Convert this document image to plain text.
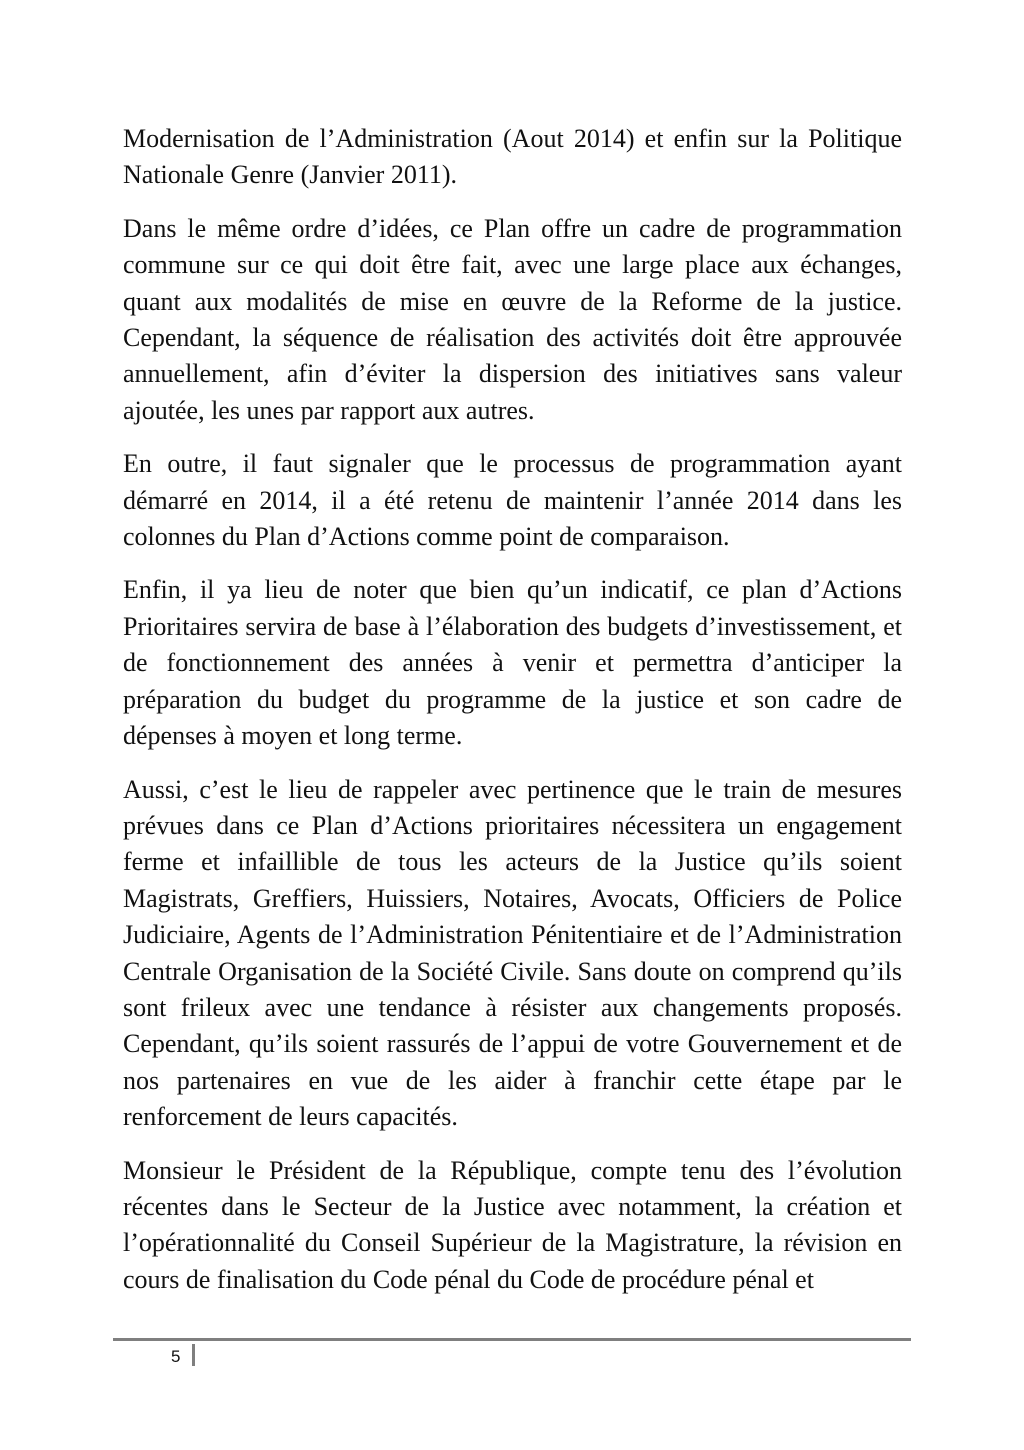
Modernisation de l’Administration (Aout 2014) et enfin sur la Politique Nationale Genre (Janvier 2011).

Dans le même ordre d’idées, ce Plan offre un cadre de programmation commune sur ce qui doit être fait, avec une large place aux échanges, quant aux modalités de mise en œuvre de la Reforme de la justice. Cependant, la séquence de réalisation des activités doit être approuvée annuellement, afin d’éviter la dispersion des initiatives sans valeur ajoutée, les unes par rapport aux autres.

En outre, il faut signaler que le processus de programmation ayant démarré en 2014, il a été retenu de maintenir l’année 2014 dans les colonnes du Plan d’Actions comme point de comparaison.

Enfin, il ya lieu de noter que bien qu’un indicatif, ce plan d’Actions Prioritaires servira de base à l’élaboration des budgets d’investissement, et de fonctionnement des années à venir et permettra d’anticiper la préparation du budget du programme de la justice et son cadre de dépenses à moyen et long terme.

Aussi, c’est le lieu de rappeler avec pertinence que le train de mesures prévues dans ce Plan d’Actions prioritaires nécessitera un engagement ferme et infaillible de tous les acteurs de la Justice qu’ils soient Magistrats, Greffiers, Huissiers, Notaires, Avocats, Officiers de Police Judiciaire, Agents de l’Administration Pénitentiaire et de l’Administration Centrale Organisation de la Société Civile. Sans doute on comprend qu’ils sont frileux avec une tendance à résister aux changements proposés. Cependant, qu’ils soient rassurés de l’appui de votre Gouvernement et de nos partenaires en vue de les aider à franchir cette étape par le renforcement de leurs capacités.

Monsieur le Président de la République, compte tenu des l’évolution récentes dans le Secteur de la Justice avec notamment, la création et l’opérationnalité du Conseil Supérieur de la Magistrature, la révision en cours de finalisation du Code pénal du Code de procédure pénal et

5
